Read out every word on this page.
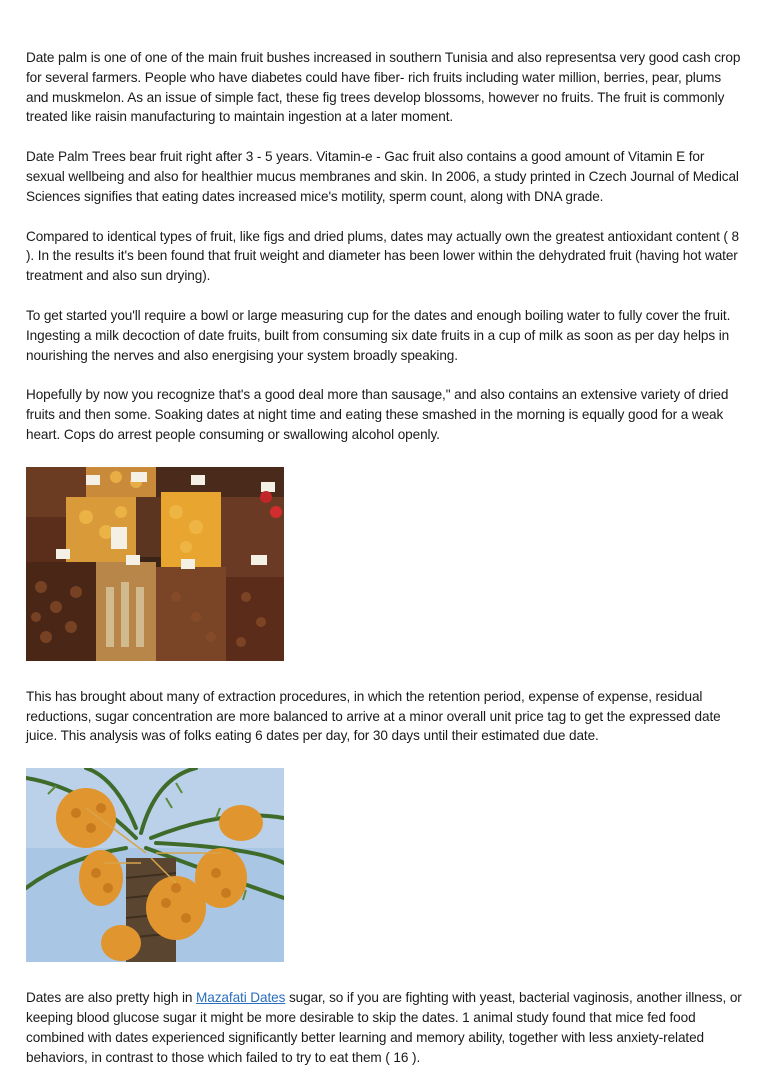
Date palm is one of one of the main fruit bushes increased in southern Tunisia and also representsa very good cash crop for several farmers. People who have diabetes could have fiber- rich fruits including water million, berries, pear, plums and muskmelon. As an issue of simple fact, these fig trees develop blossoms, however no fruits. The fruit is commonly treated like raisin manufacturing to maintain ingestion at a later moment.

Date Palm Trees bear fruit right after 3 - 5 years. Vitamin-e - Gac fruit also contains a good amount of Vitamin E for sexual wellbeing and also for healthier mucus membranes and skin. In 2006, a study printed in Czech Journal of Medical Sciences signifies that eating dates increased mice's motility, sperm count, along with DNA grade.

Compared to identical types of fruit, like figs and dried plums, dates may actually own the greatest antioxidant content ( 8 ). In the results it's been found that fruit weight and diameter has been lower within the dehydrated fruit (having hot water treatment and also sun drying).

To get started you'll require a bowl or large measuring cup for the dates and enough boiling water to fully cover the fruit. Ingesting a milk decoction of date fruits, built from consuming six date fruits in a cup of milk as soon as per day helps in nourishing the nerves and also energising your system broadly speaking.

Hopefully by now you recognize that's a good deal more than sausage," and also contains an extensive variety of dried fruits and then some. Soaking dates at night time and eating these smashed in the morning is equally good for a weak heart. Cops do arrest people consuming or swallowing alcohol openly.

This has brought about many of extraction procedures, in which the retention period, expense of expense, residual reductions, sugar concentration are more balanced to arrive at a minor overall unit price tag to get the expressed date juice. This analysis was of folks eating 6 dates per day, for 30 days until their estimated due date.

Dates are also pretty high in Mazafati Dates sugar, so if you are fighting with yeast, bacterial vaginosis, another illness, or keeping blood glucose sugar it might be more desirable to skip the dates. 1 animal study found that mice fed food combined with dates experienced significantly better learning and memory ability, together with less anxiety-related behaviors, in contrast to those which failed to try to eat them ( 16 ).
